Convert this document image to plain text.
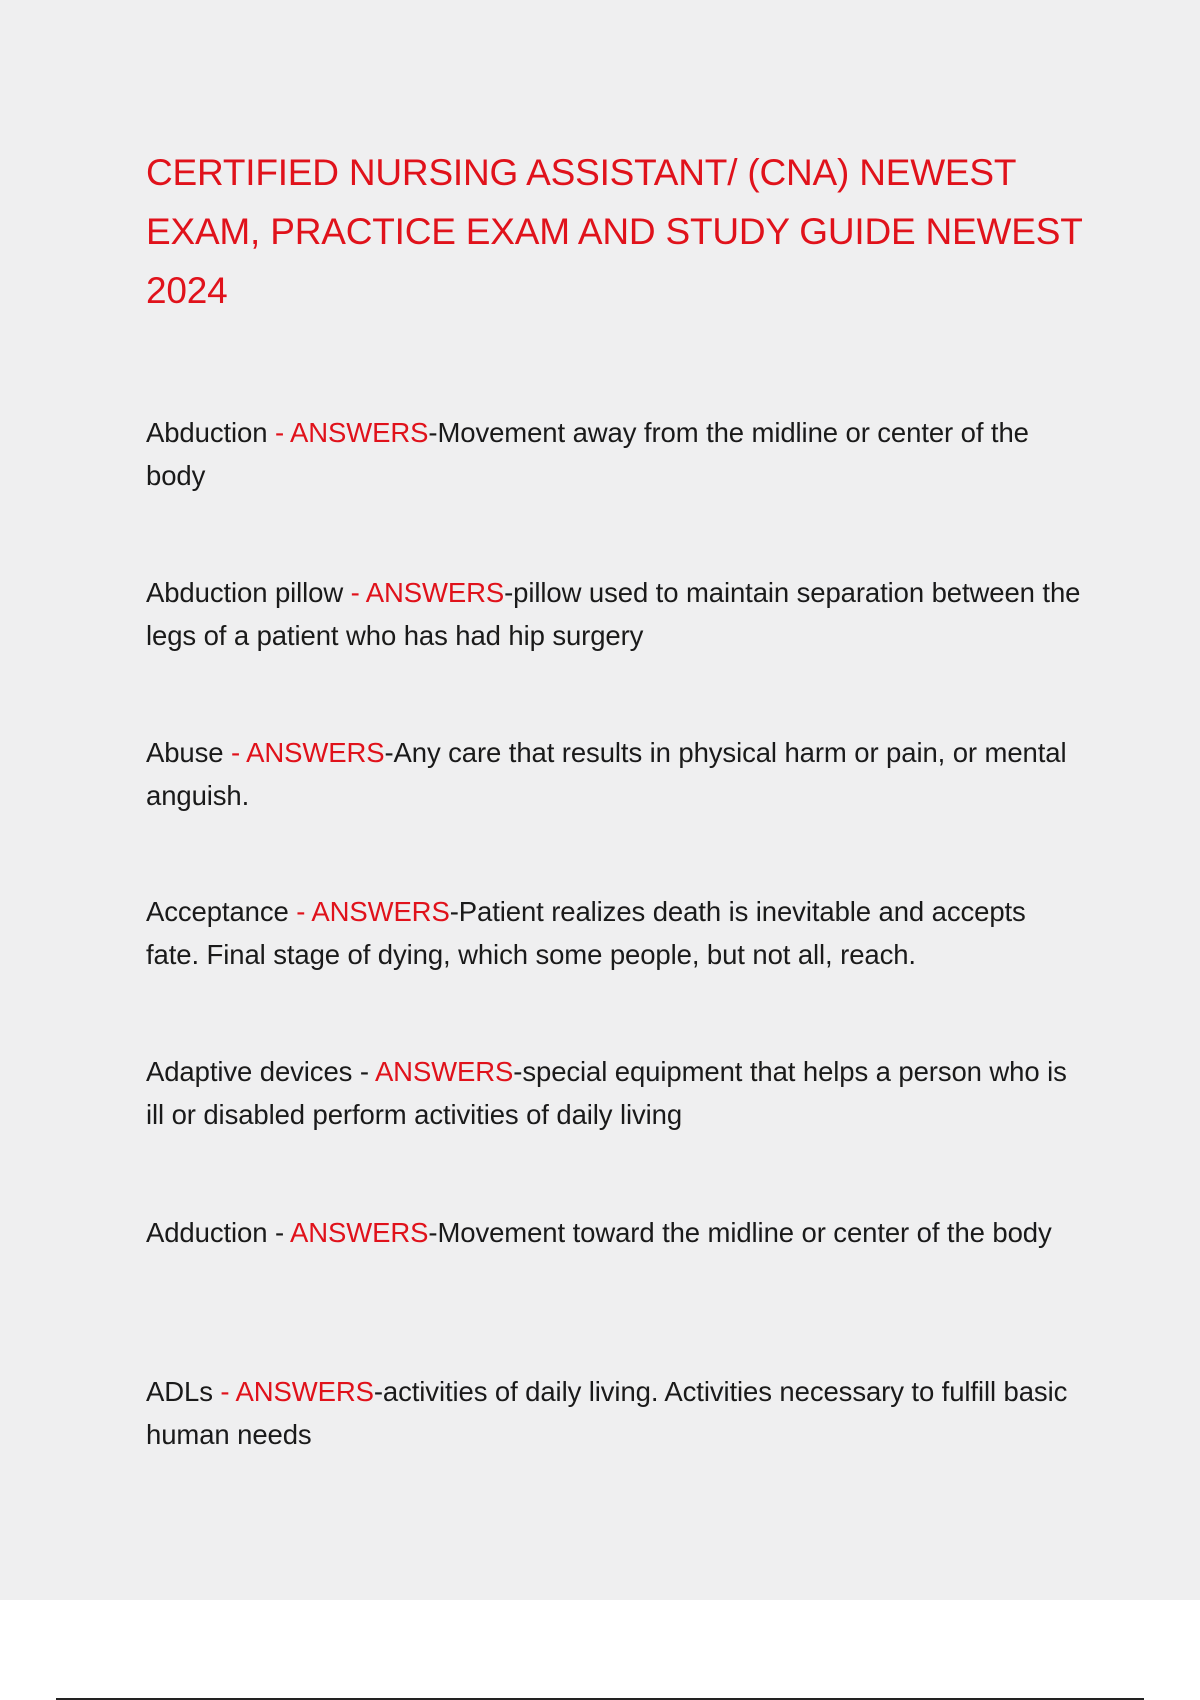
CERTIFIED NURSING ASSISTANT/ (CNA) NEWEST EXAM, PRACTICE EXAM AND STUDY GUIDE NEWEST 2024

Abduction - ANSWERS-Movement away from the midline or center of the body

Abduction pillow - ANSWERS-pillow used to maintain separation between the legs of a patient who has had hip surgery

Abuse - ANSWERS-Any care that results in physical harm or pain, or mental anguish.

Acceptance - ANSWERS-Patient realizes death is inevitable and accepts fate. Final stage of dying, which some people, but not all, reach.

Adaptive devices - ANSWERS-special equipment that helps a person who is ill or disabled perform activities of daily living

Adduction - ANSWERS-Movement toward the midline or center of the body

ADLs - ANSWERS-activities of daily living. Activities necessary to fulfill basic human needs
